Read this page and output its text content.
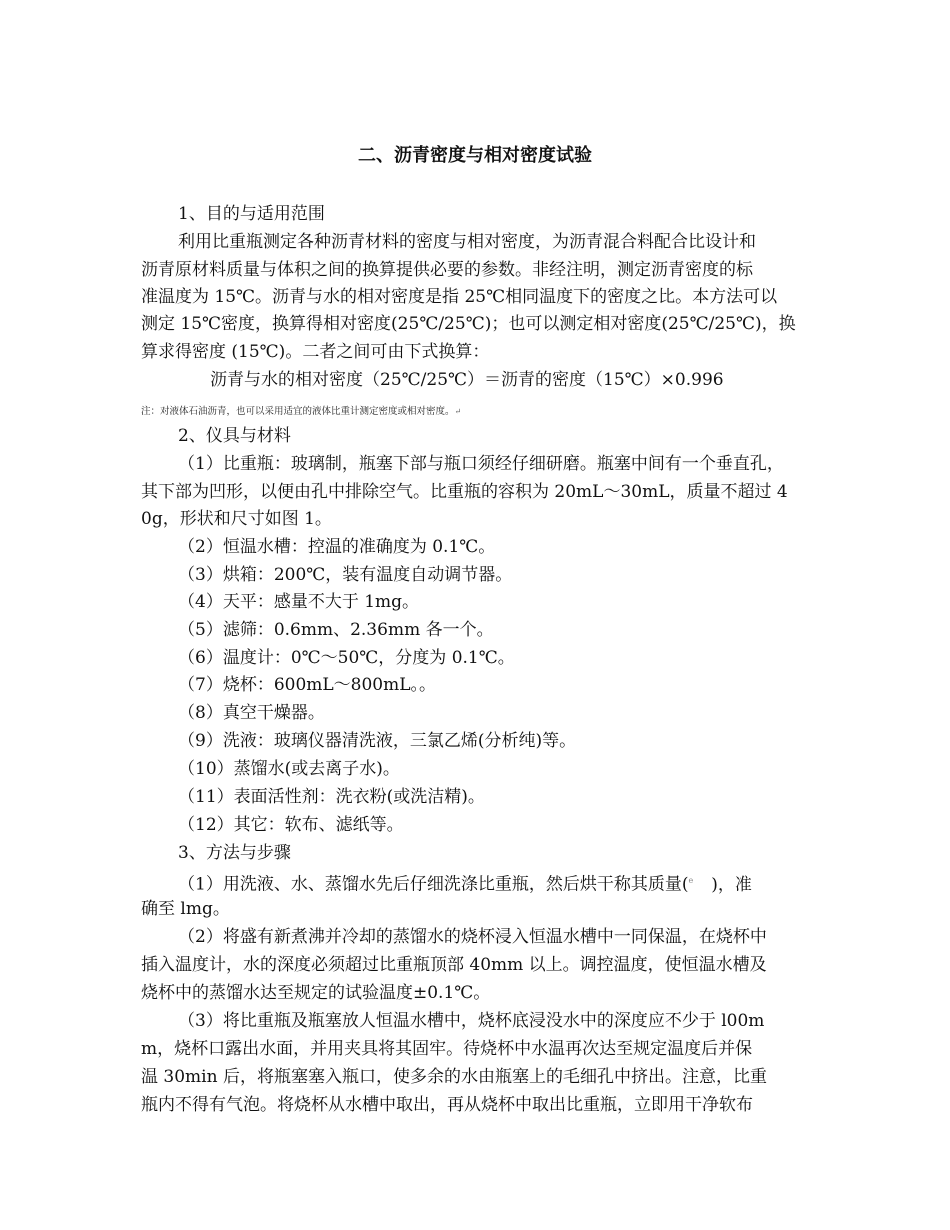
二、沥青密度与相对密度试验
1、目的与适用范围
利用比重瓶测定各种沥青材料的密度与相对密度，为沥青混合料配合比设计和
沥青原材料质量与体积之间的换算提供必要的参数。非经注明，测定沥青密度的标
准温度为 15℃。沥青与水的相对密度是指 25℃相同温度下的密度之比。本方法可以
测定 15℃密度，换算得相对密度(25℃/25℃)；也可以测定相对密度(25℃/25℃)，换
算求得密度 (15℃)。二者之间可由下式换算：
沥青与水的相对密度（25℃/25℃）＝沥青的密度（15℃）×0.996
注：对液体石油沥青，也可以采用适宜的液体比重计测定密度或相对密度。↵
2、仪具与材料
（1）比重瓶：玻璃制，瓶塞下部与瓶口须经仔细研磨。瓶塞中间有一个垂直孔，
其下部为凹形，以便由孔中排除空气。比重瓶的容积为 20mL～30mL，质量不超过 4
0g，形状和尺寸如图 1。
（2）恒温水槽：控温的准确度为 0.1℃。
（3）烘箱：200℃，装有温度自动调节器。
（4）天平：感量不大于 1mg。
（5）滤筛：0.6mm、2.36mm 各一个。
（6）温度计：0℃～50℃，分度为 0.1℃。
（7）烧杯：600mL～800mL。。
（8）真空干燥器。
（9）洗液：玻璃仪器清洗液，三氯乙烯(分析纯)等。
（10）蒸馏水(或去离子水)。
（11）表面活性剂：洗衣粉(或洗洁精)。
（12）其它：软布、滤纸等。
3、方法与步骤
（1）用洗液、水、蒸馏水先后仔细洗涤比重瓶，然后烘干称其质量($^e$ )，准
确至 lmg。
（2）将盛有新煮沸并冷却的蒸馏水的烧杯浸入恒温水槽中一同保温，在烧杯中
插入温度计，水的深度必须超过比重瓶顶部 40mm 以上。调控温度，使恒温水槽及
烧杯中的蒸馏水达至规定的试验温度±0.1℃。
（3）将比重瓶及瓶塞放人恒温水槽中，烧杯底浸没水中的深度应不少于 l00m
m，烧杯口露出水面，并用夹具将其固牢。待烧杯中水温再次达至规定温度后并保
温 30min 后，将瓶塞塞入瓶口，使多余的水由瓶塞上的毛细孔中挤出。注意，比重
瓶内不得有气泡。将烧杯从水槽中取出，再从烧杯中取出比重瓶，立即用干净软布
